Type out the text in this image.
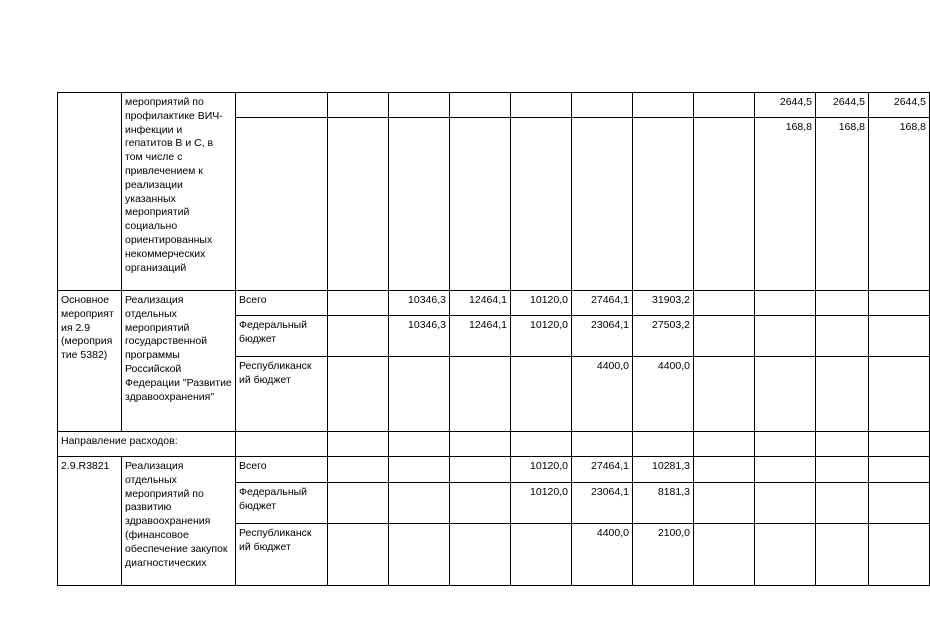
	мероприятий по профилактике ВИЧ-инфекции и гепатитов В и С, в том числе с привлечением к реализации указанных мероприятий социально ориентированных некоммерческих организаций									2644,5	2644,5	2644,5
										168,8	168,8	168,8
Основное мероприят ия 2.9 (мероприя тие 5382)	Реализация отдельных мероприятий государственной программы Российской Федерации "Развитие здравоохранения"	Всего		10346,3	12464,1	10120,0	27464,1	31903,2				
		Федеральный бюджет		10346,3	12464,1	10120,0	23064,1	27503,2				
		Республиканск ий бюджет					4400,0	4400,0				
Направление расходов:												
2.9.R3821	Реализация отдельных мероприятий по развитию здравоохранения (финансовое обеспечение закупок диагностических	Всего				10120,0	27464,1	10281,3				
		Федеральный бюджет				10120,0	23064,1	8181,3				
		Республиканск ий бюджет					4400,0	2100,0				
